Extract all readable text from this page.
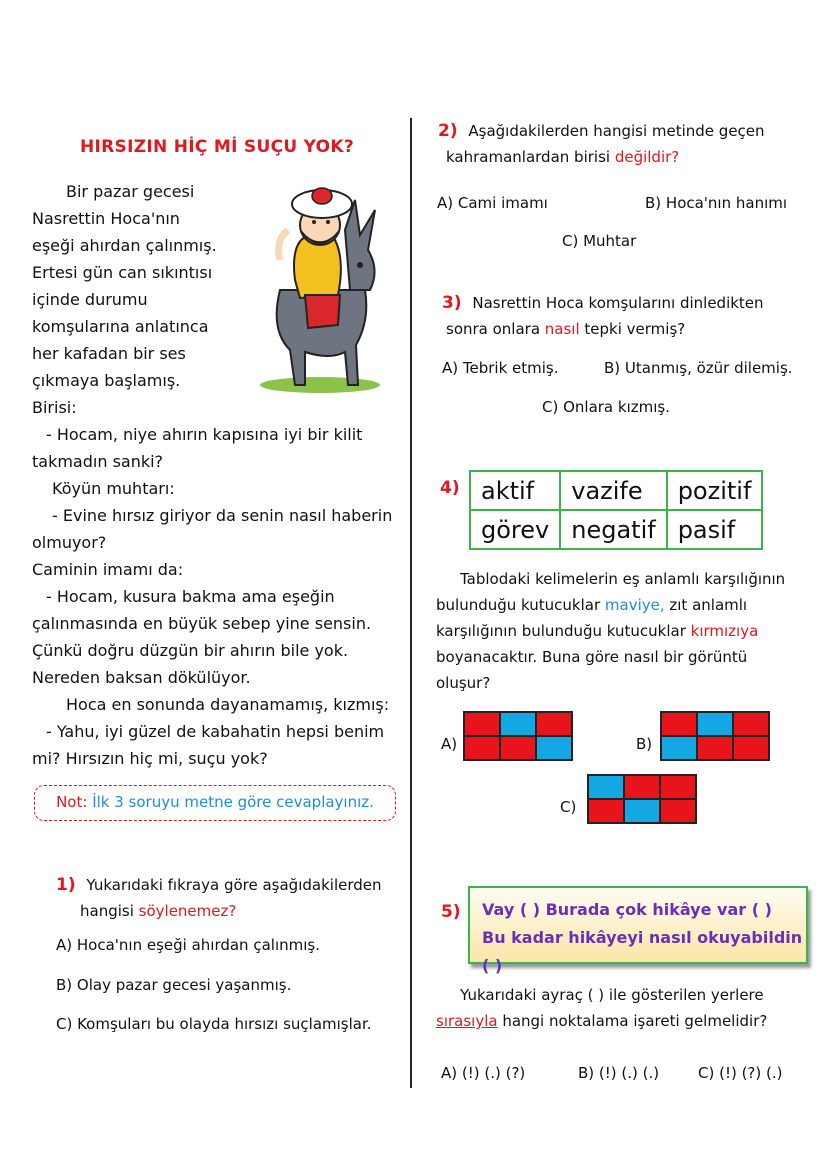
HIRSIZIN HİÇ Mİ SUÇU YOK?

Bir pazar gecesi

Nasrettin Hoca'nın

eşeği ahırdan çalınmış.

Ertesi gün can sıkıntısı

içinde durumu

komşularına anlatınca

her kafadan bir ses

çıkmaya başlamış.

Birisi:

- Hocam, niye ahırın kapısına iyi bir kilit

takmadın sanki?

Köyün muhtarı:

- Evine hırsız giriyor da senin nasıl haberin

olmuyor?

Caminin imamı da:

- Hocam, kusura bakma ama eşeğin

çalınmasında en büyük sebep yine sensin.

Çünkü doğru düzgün bir ahırın bile yok.

Nereden baksan dökülüyor.

Hoca en sonunda dayanamamış, kızmış:

- Yahu, iyi güzel de kabahatin hepsi benim

mi? Hırsızın hiç mi, suçu yok?

Not: İlk 3 soruyu metne göre cevaplayınız.
1) Yukarıdaki fıkraya göre aşağıdakilerden
hangisi söylenemez?
A) Hoca'nın eşeği ahırdan çalınmış.
B) Olay pazar gecesi yaşanmış.
C) Komşuları bu olayda hırsızı suçlamışlar.
2) Aşağıdakilerden hangisi metinde geçen
kahramanlardan birisi değildir?
A) Cami imamı	B) Hoca'nın hanımı
C) Muhtar
3) Nasrettin Hoca komşularını dinledikten
sonra onlara nasıl tepki vermiş?
A) Tebrik etmiş.	B) Utanmış, özür dilemiş.
C) Onlara kızmış.
4) aktif	vazife	pozitif
görev	negatif	pasif
Tablodaki kelimelerin eş anlamlı karşılığının
bulunduğu kutucuklar maviye, zıt anlamlı
karşılığının bulunduğu kutucuklar kırmızıya
boyanacaktır. Buna göre nasıl bir görüntü
oluşur?
A)	B)
C)
5) Vay ( ) Burada çok hikâye var ( )
Bu kadar hikâyeyi nasıl okuyabildin ( )
Yukarıdaki ayraç ( ) ile gösterilen yerlere
sırasıyla hangi noktalama işareti gelmelidir?
A) (!) (.) (?)	B) (!) (.) (.)	C) (!) (?) (.)
